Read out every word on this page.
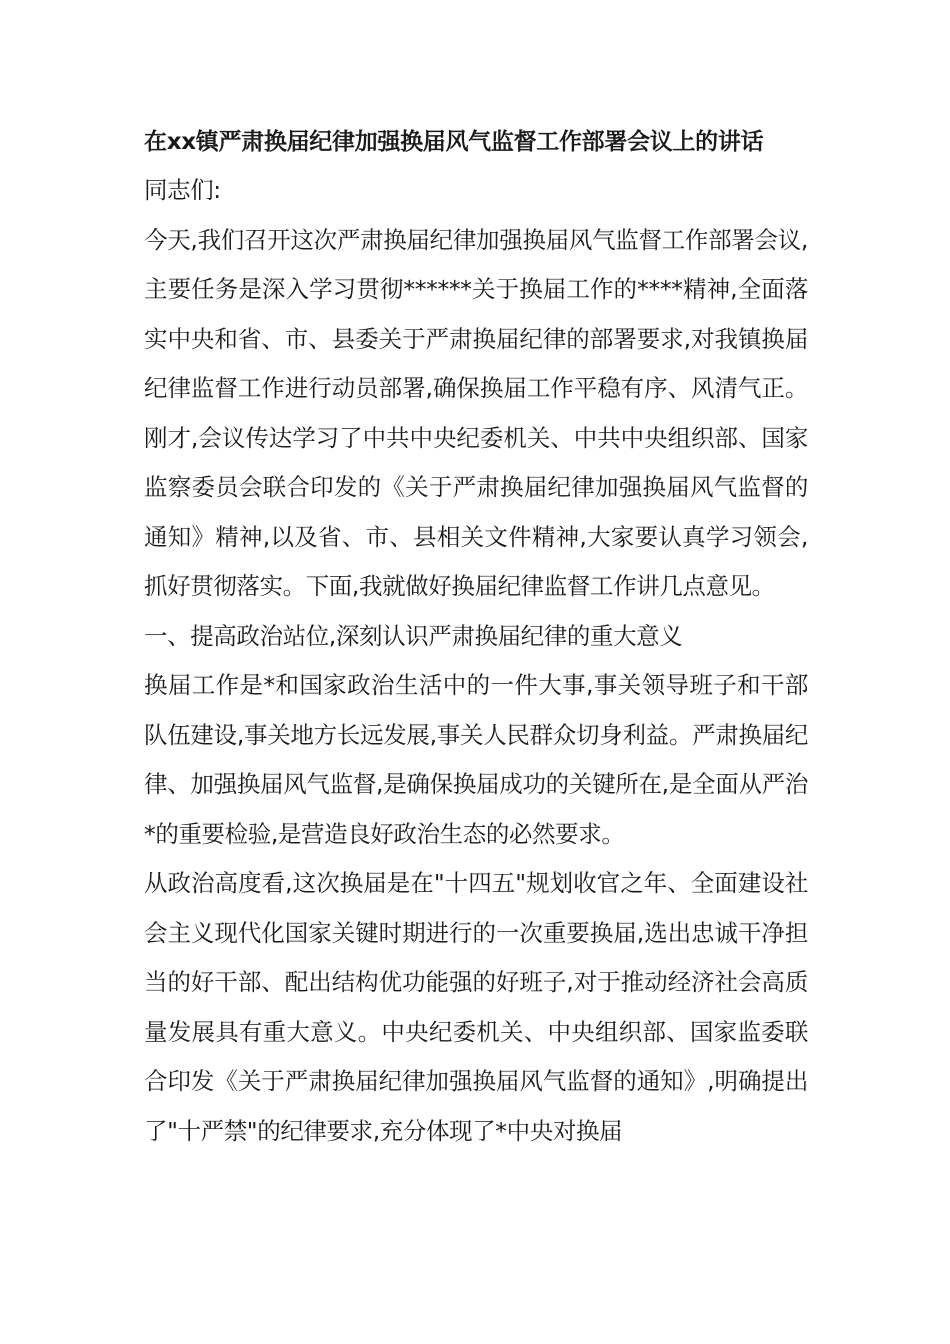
在xx镇严肃换届纪律加强换届风气监督工作部署会议上的讲话

同志们:

今天,我们召开这次严肃换届纪律加强换届风气监督工作部署会议,主要任务是深入学习贯彻******关于换届工作的****精神,全面落实中央和省、市、县委关于严肃换届纪律的部署要求,对我镇换届纪律监督工作进行动员部署,确保换届工作平稳有序、风清气正。刚才,会议传达学习了中共中央纪委机关、中共中央组织部、国家监察委员会联合印发的《关于严肃换届纪律加强换届风气监督的通知》精神,以及省、市、县相关文件精神,大家要认真学习领会,抓好贯彻落实。下面,我就做好换届纪律监督工作讲几点意见。

一、提高政治站位,深刻认识严肃换届纪律的重大意义

换届工作是*和国家政治生活中的一件大事,事关领导班子和干部队伍建设,事关地方长远发展,事关人民群众切身利益。严肃换届纪律、加强换届风气监督,是确保换届成功的关键所在,是全面从严治*的重要检验,是营造良好政治生态的必然要求。

从政治高度看,这次换届是在"十四五"规划收官之年、全面建设社会主义现代化国家关键时期进行的一次重要换届,选出忠诚干净担当的好干部、配出结构优功能强的好班子,对于推动经济社会高质量发展具有重大意义。中央纪委机关、中央组织部、国家监委联合印发《关于严肃换届纪律加强换届风气监督的通知》,明确提出了"十严禁"的纪律要求,充分体现了*中央对换届
